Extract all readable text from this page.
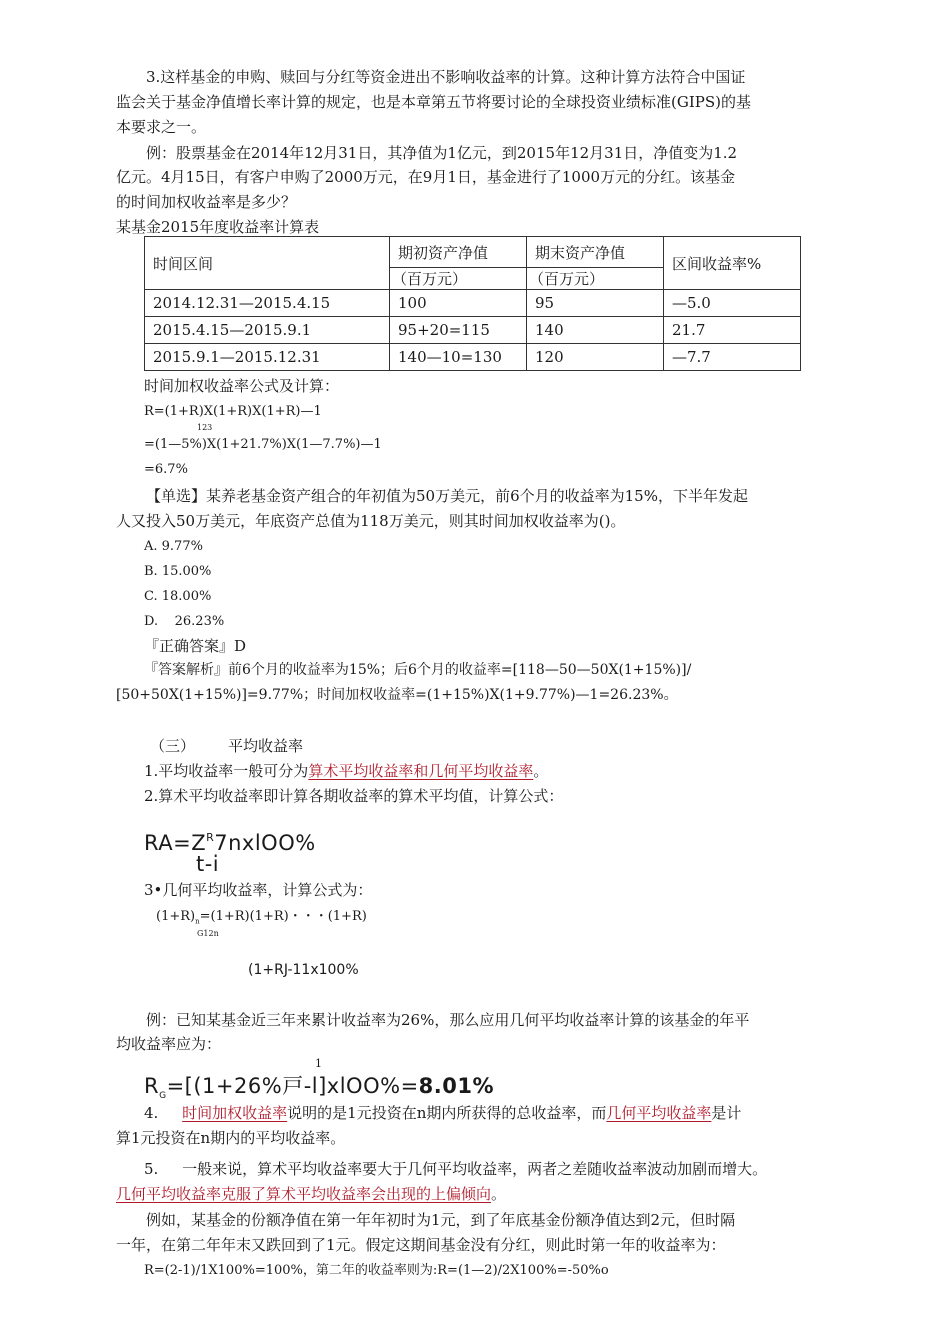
3.这样基金的申购、赎回与分红等资金进出不影响收益率的计算。这种计算方法符合中国证
监会关于基金净值增长率计算的规定，也是本章第五节将要讨论的全球投资业绩标准(GIPS)的基
本要求之一。
例：股票基金在2014年12月31日，其净值为1亿元，到2015年12月31日，净值变为1.2
亿元。4月15日，有客户申购了2000万元，在9月1日，基金进行了1000万元的分红。该基金
的时间加权收益率是多少？
某基金2015年度收益率计算表
时间区间	期初资产净值	期末资产净值	区间收益率%
	（百万元）	（百万元）	
2014.12.31—2015.4.15	100	95	—5.0
2015.4.15—2015.9.1	95+20=115	140	21.7
2015.9.1—2015.12.31	140—10=130	120	—7.7
时间加权收益率公式及计算：
R=(1+R)X(1+R)X(1+R)—1
123
=(1—5%)X(1+21.7%)X(1—7.7%)—1
=6.7%
【单选】某养老基金资产组合的年初值为50万美元，前6个月的收益率为15%，下半年发起
人又投入50万美元，年底资产总值为118万美元，则其时间加权收益率为()。
A. 9.77%
B. 15.00%
C. 18.00%
D.    26.23%
『正确答案』D
『答案解析』前6个月的收益率为15%；后6个月的收益率=[118—50—50X(1+15%)]/
[50+50X(1+15%)]=9.77%；时间加权收益率=(1+15%)X(1+9.77%)—1=26.23%。
（三） 平均收益率
1.平均收益率一般可分为算术平均收益率和几何平均收益率。
2.算术平均收益率即计算各期收益率的算术平均值，计算公式：
$RA=Z^R7nxlOO\%$
t-i
3•几何平均收益率，计算公式为：
$(1+R)_n=(1+R)(1+R)$・・・(1+R)
G12n
(1+RJ-11x100%
例：已知某基金近三年来累计收益率为26%，那么应用几何平均收益率计算的该基金的年平
均收益率应为：
1
$R_G=[(1+26\%$戸-l]xlOO%=8.01%
4. 时间加权收益率说明的是1元投资在n期内所获得的总收益率，而几何平均收益率是计
算1元投资在n期内的平均收益率。
5. 一般来说，算术平均收益率要大于几何平均收益率，两者之差随收益率波动加剧而增大。
几何平均收益率克服了算术平均收益率会出现的上偏倾向。
例如，某基金的份额净值在第一年年初时为1元，到了年底基金份额净值达到2元，但时隔
一年，在第二年年末又跌回到了1元。假定这期间基金没有分红，则此时第一年的收益率为：
R=(2-1)/1X100%=100%，第二年的收益率则为:R=(1—2)/2X100%=-50%o
